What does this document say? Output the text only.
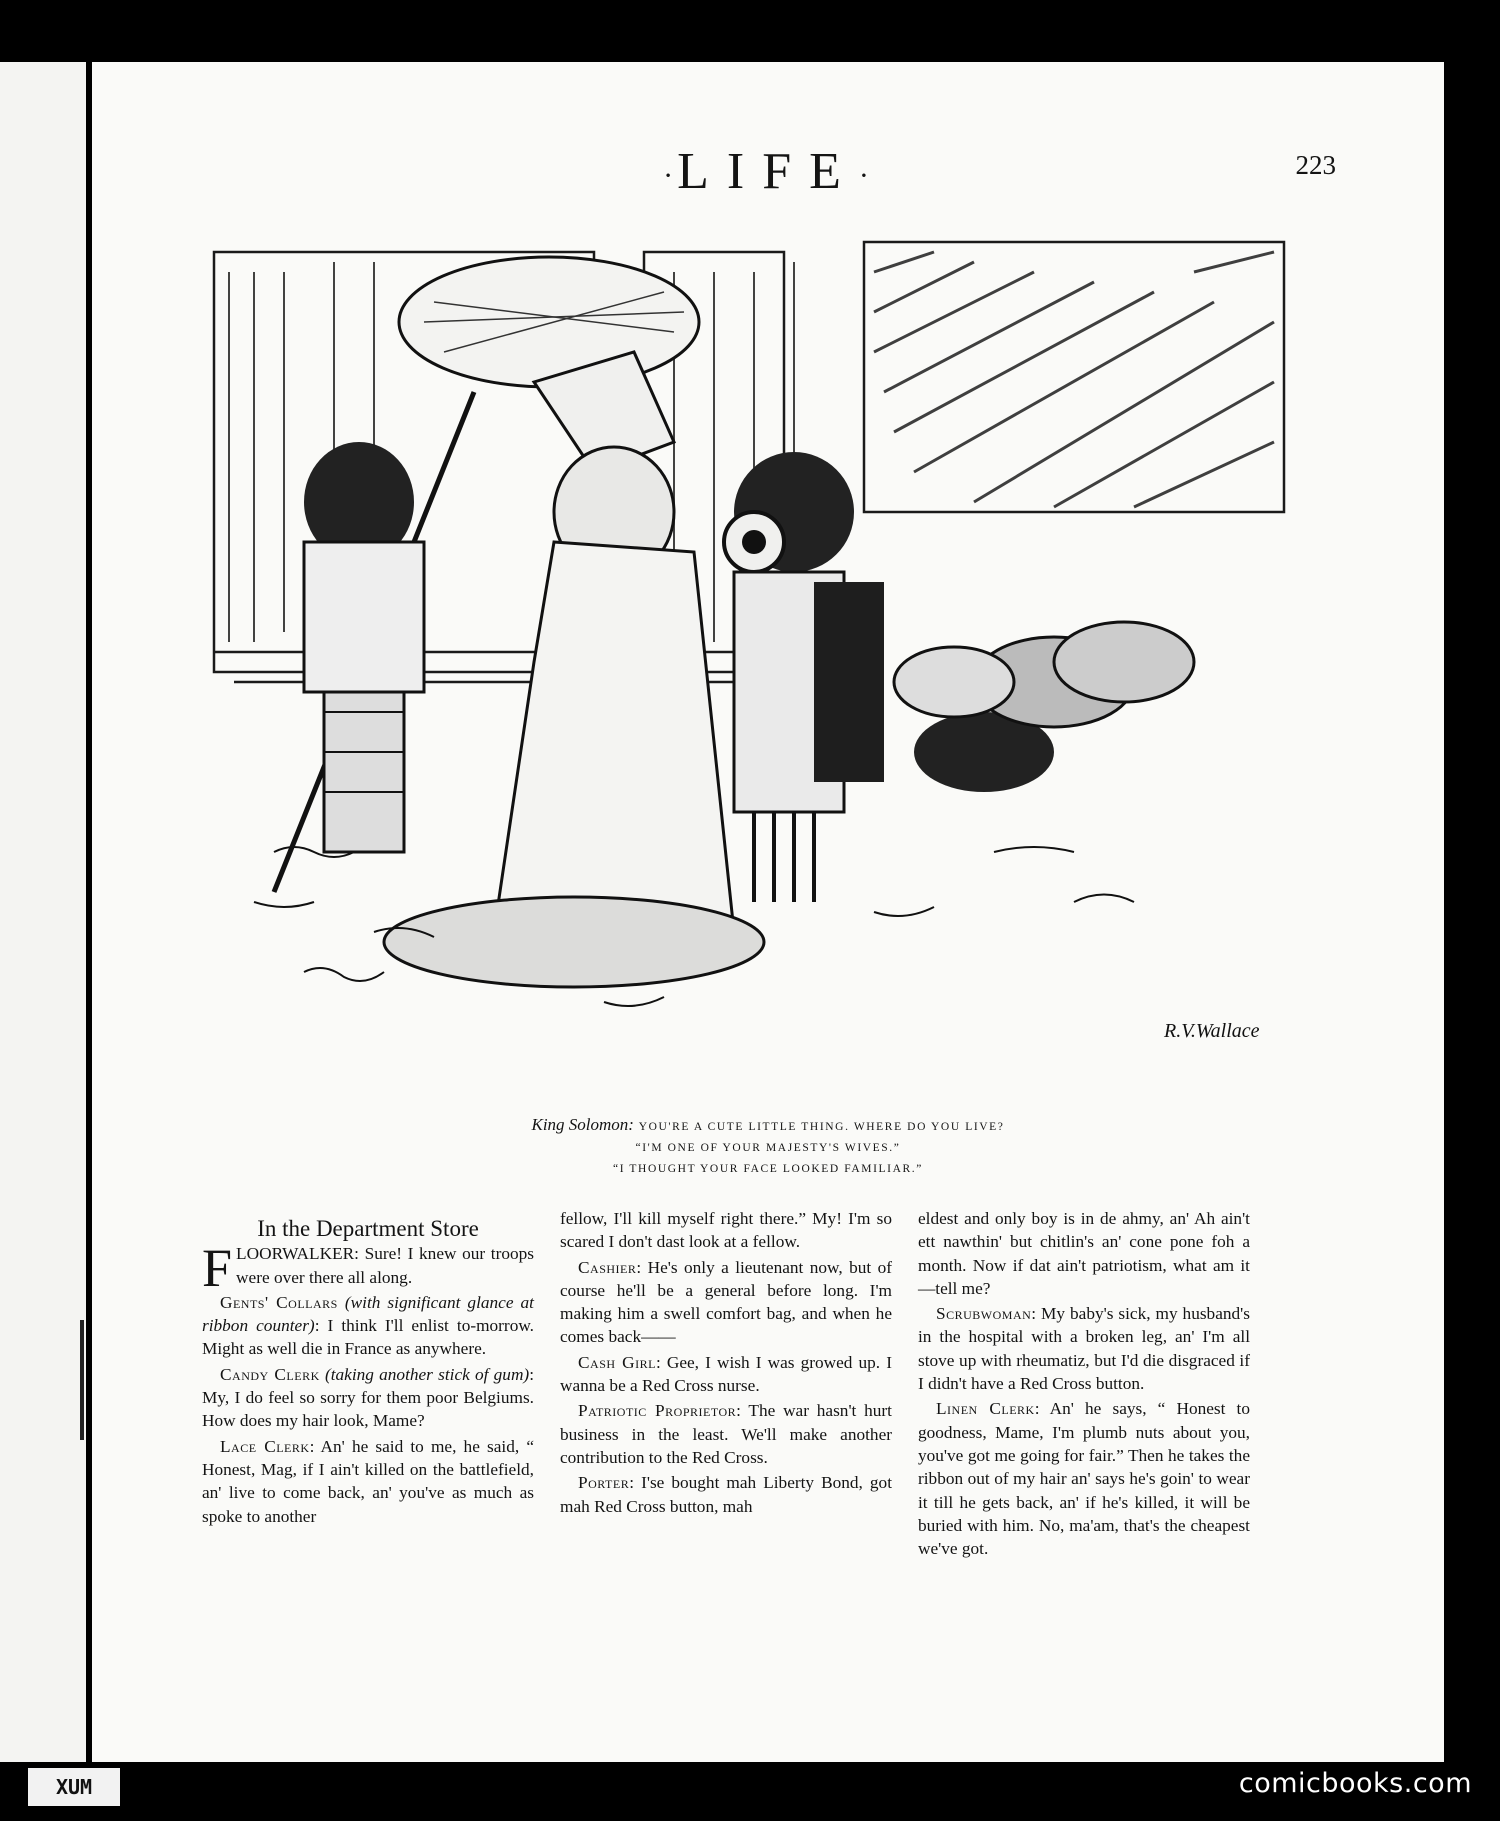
·LIFE·	223
R.V.Wallace
King Solomon: YOU'RE A CUTE LITTLE THING. WHERE DO YOU LIVE?
“I'M ONE OF YOUR MAJESTY'S WIVES.”
“I THOUGHT YOUR FACE LOOKED FAMILIAR.”
In the Department Store

FLOORWALKER: Sure! I knew our troops were over there all along.

Gents' Collars (with significant glance at ribbon counter): I think I'll enlist to-morrow. Might as well die in France as anywhere.

Candy Clerk (taking another stick of gum): My, I do feel so sorry for them poor Belgiums. How does my hair look, Mame?

Lace Clerk: An' he said to me, he said, “ Honest, Mag, if I ain't killed on the battlefield, an' live to come back, an' you've as much as spoke to another

fellow, I'll kill myself right there.” My! I'm so scared I don't dast look at a fellow.

Cashier: He's only a lieutenant now, but of course he'll be a general before long. I'm making him a swell comfort bag, and when he comes back——

Cash Girl: Gee, I wish I was growed up. I wanna be a Red Cross nurse.

Patriotic Proprietor: The war hasn't hurt business in the least. We'll make another contribution to the Red Cross.

Porter: I'se bought mah Liberty Bond, got mah Red Cross button, mah

eldest and only boy is in de ahmy, an' Ah ain't ett nawthin' but chitlin's an' cone pone foh a month. Now if dat ain't patriotism, what am it—tell me?

Scrubwoman: My baby's sick, my husband's in the hospital with a broken leg, an' I'm all stove up with rheumatiz, but I'd die disgraced if I didn't have a Red Cross button.

Linen Clerk: An' he says, “ Honest to goodness, Mame, I'm plumb nuts about you, you've got me going for fair.” Then he takes the ribbon out of my hair an' says he's goin' to wear it till he gets back, an' if he's killed, it will be buried with him. No, ma'am, that's the cheapest we've got.

XUM	comicbooks.com
